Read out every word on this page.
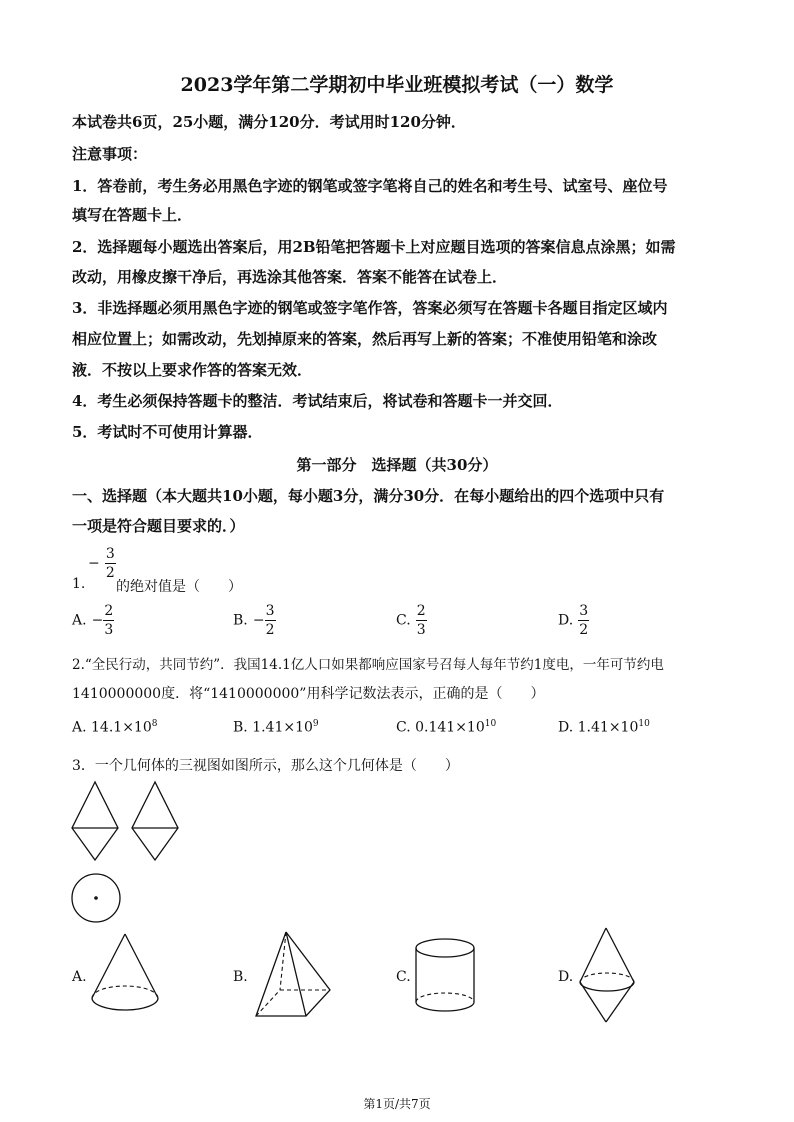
2023学年第二学期初中毕业班模拟考试（一）数学
本试卷共6页，25小题，满分120分．考试用时120分钟．
注意事项：
1．答卷前，考生务必用黑色字迹的钢笔或签字笔将自己的姓名和考生号、试室号、座位号
填写在答题卡上．
2．选择题每小题选出答案后，用2B铅笔把答题卡上对应题目选项的答案信息点涂黑；如需
改动，用橡皮擦干净后，再选涂其他答案．答案不能答在试卷上．
3．非选择题必须用黑色字迹的钢笔或签字笔作答，答案必须写在答题卡各题目指定区域内
相应位置上；如需改动，先划掉原来的答案，然后再写上新的答案；不准使用铅笔和涂改
液．不按以上要求作答的答案无效．
4．考生必须保持答题卡的整洁．考试结束后，将试卷和答题卡一并交回．
5．考试时不可使用计算器．
第一部分　选择题（共30分）
一、选择题（本大题共10小题，每小题3分，满分30分．在每小题给出的四个选项中只有
一项是符合题目要求的．）
1.
− $\frac{3}{2}$
的绝对值是（　　）
A. − $\frac{2}{3}$	B. − $\frac{3}{2}$	C. $\frac{2}{3}$	D. $\frac{3}{2}$
2.“全民行动，共同节约”．我国14.1亿人口如果都响应国家号召每人每年节约1度电，一年可节约电
1410000000度．将“1410000000”用科学记数法表示，正确的是（　　）
A. $14.1\times 10^8$	B. $1.41\times 10^9$	C. $0.141\times 10^{10}$	D. $1.41\times 10^{10}$
3．一个几何体的三视图如图所示，那么这个几何体是（　　）
A.	B.	C.	D.
第1页/共7页
